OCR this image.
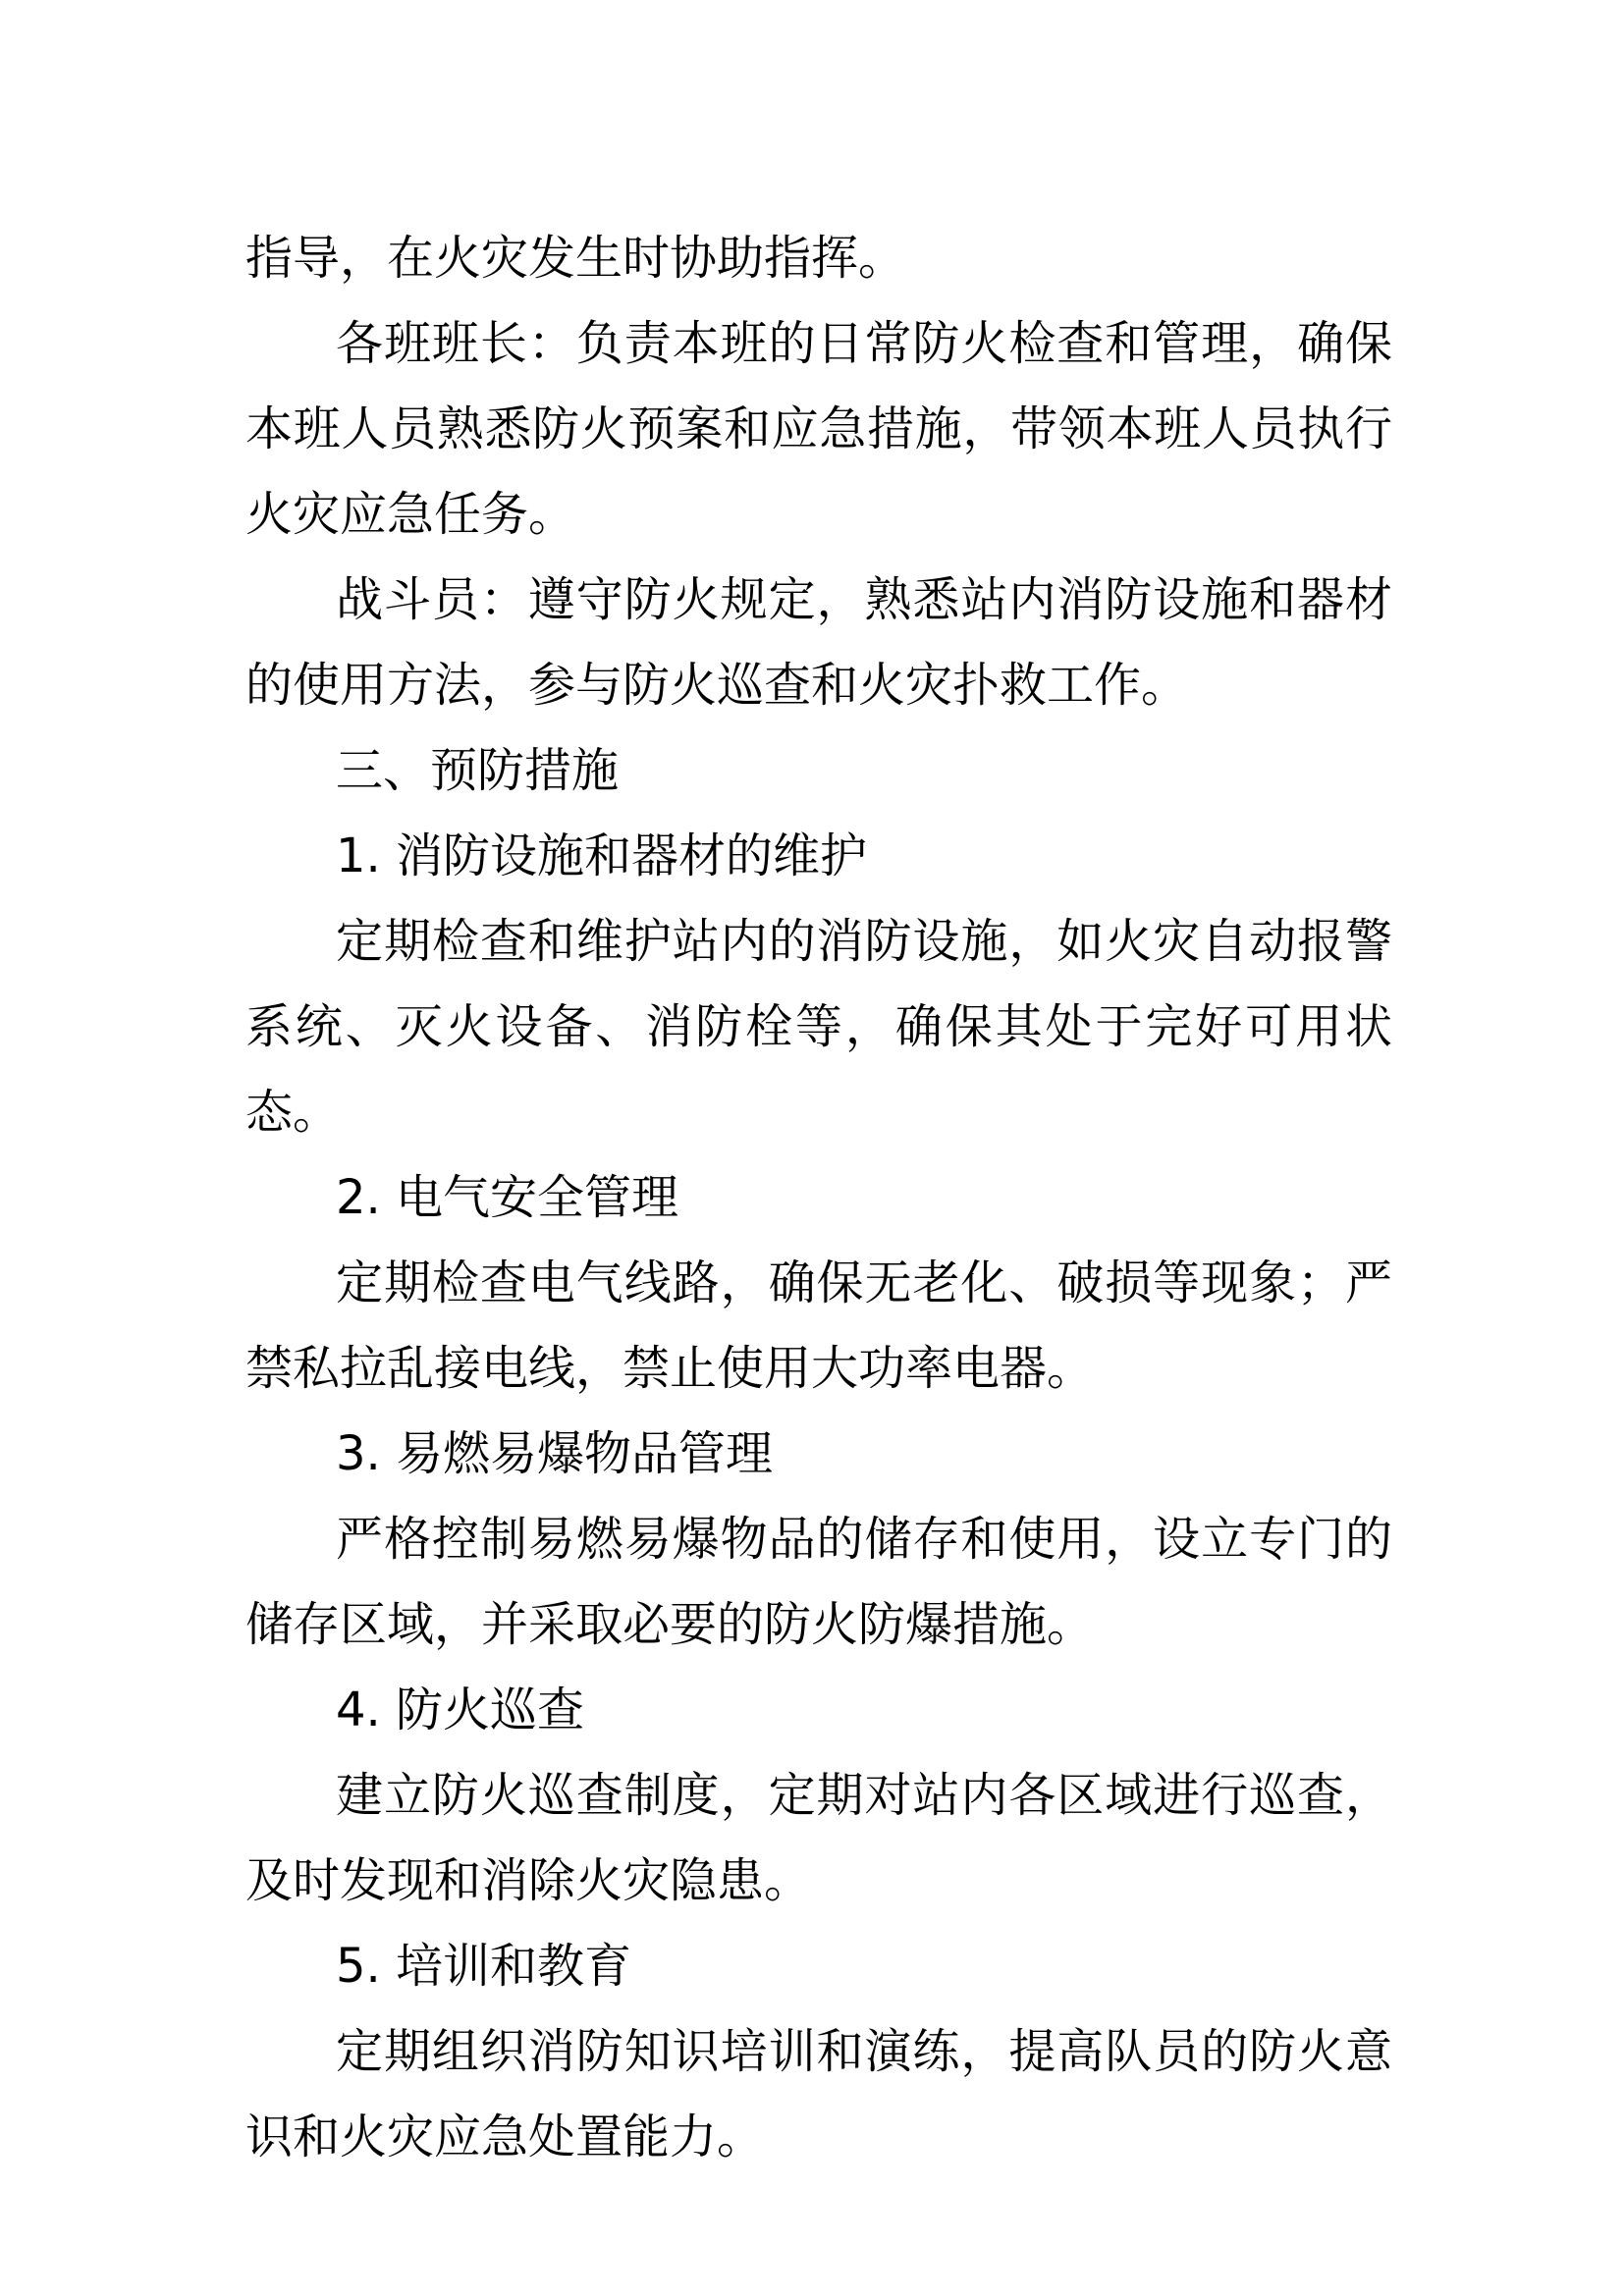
指导，在火灾发生时协助指挥。

各班班长：负责本班的日常防火检查和管理，确保本班人员熟悉防火预案和应急措施，带领本班人员执行火灾应急任务。

战斗员：遵守防火规定，熟悉站内消防设施和器材的使用方法，参与防火巡查和火灾扑救工作。

三、预防措施

1. 消防设施和器材的维护

定期检查和维护站内的消防设施，如火灾自动报警系统、灭火设备、消防栓等，确保其处于完好可用状态。

2. 电气安全管理

定期检查电气线路，确保无老化、破损等现象；严禁私拉乱接电线，禁止使用大功率电器。

3. 易燃易爆物品管理

严格控制易燃易爆物品的储存和使用，设立专门的储存区域，并采取必要的防火防爆措施。

4. 防火巡查

建立防火巡查制度，定期对站内各区域进行巡查，及时发现和消除火灾隐患。

5. 培训和教育

定期组织消防知识培训和演练，提高队员的防火意识和火灾应急处置能力。
